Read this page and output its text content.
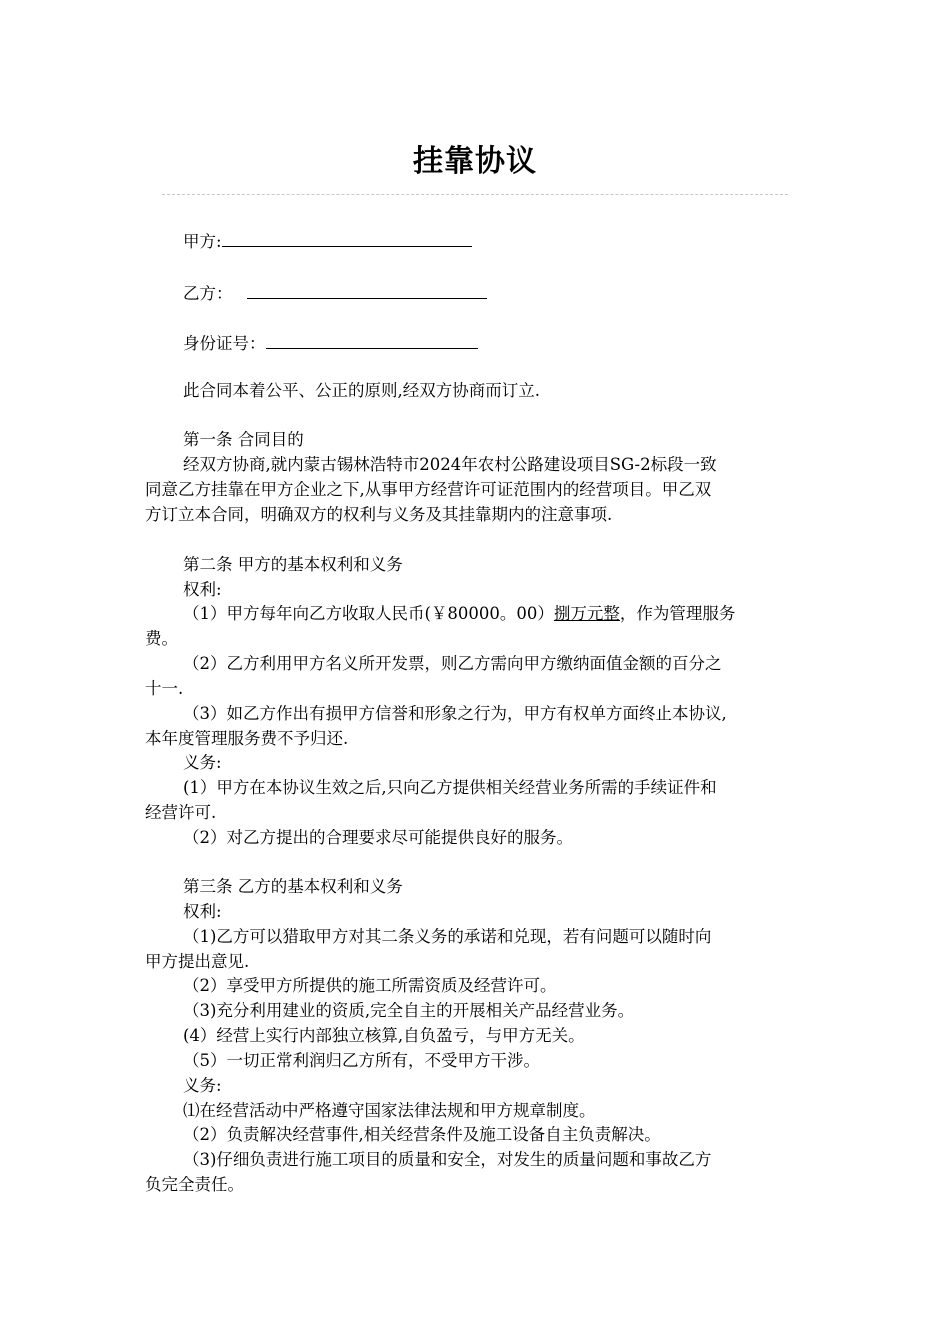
挂靠协议
甲方:
乙方：
身份证号：
此合同本着公平、公正的原则,经双方协商而订立.
第一条 合同目的
经双方协商,就内蒙古锡林浩特市2024年农村公路建设项目SG-2标段一致
同意乙方挂靠在甲方企业之下,从事甲方经营许可证范围内的经营项目。甲乙双
方订立本合同，明确双方的权利与义务及其挂靠期内的注意事项.
第二条 甲方的基本权利和义务
权利:
（1）甲方每年向乙方收取人民币(￥80000。00）捌万元整，作为管理服务
费。
（2）乙方利用甲方名义所开发票，则乙方需向甲方缴纳面值金额的百分之
十一.
（3）如乙方作出有损甲方信誉和形象之行为，甲方有权单方面终止本协议,
本年度管理服务费不予归还.
义务:
(1）甲方在本协议生效之后,只向乙方提供相关经营业务所需的手续证件和
经营许可.
（2）对乙方提出的合理要求尽可能提供良好的服务。
第三条 乙方的基本权利和义务
权利:
（1)乙方可以猎取甲方对其二条义务的承诺和兑现，若有问题可以随时向
甲方提出意见.
（2）享受甲方所提供的施工所需资质及经营许可。
（3)充分利用建业的资质,完全自主的开展相关产品经营业务。
(4）经营上实行内部独立核算,自负盈亏，与甲方无关。
（5）一切正常利润归乙方所有，不受甲方干涉。
义务:
⑴在经营活动中严格遵守国家法律法规和甲方规章制度。
（2）负责解决经营事件,相关经营条件及施工设备自主负责解决。
（3)仔细负责进行施工项目的质量和安全，对发生的质量问题和事故乙方
负完全责任。
